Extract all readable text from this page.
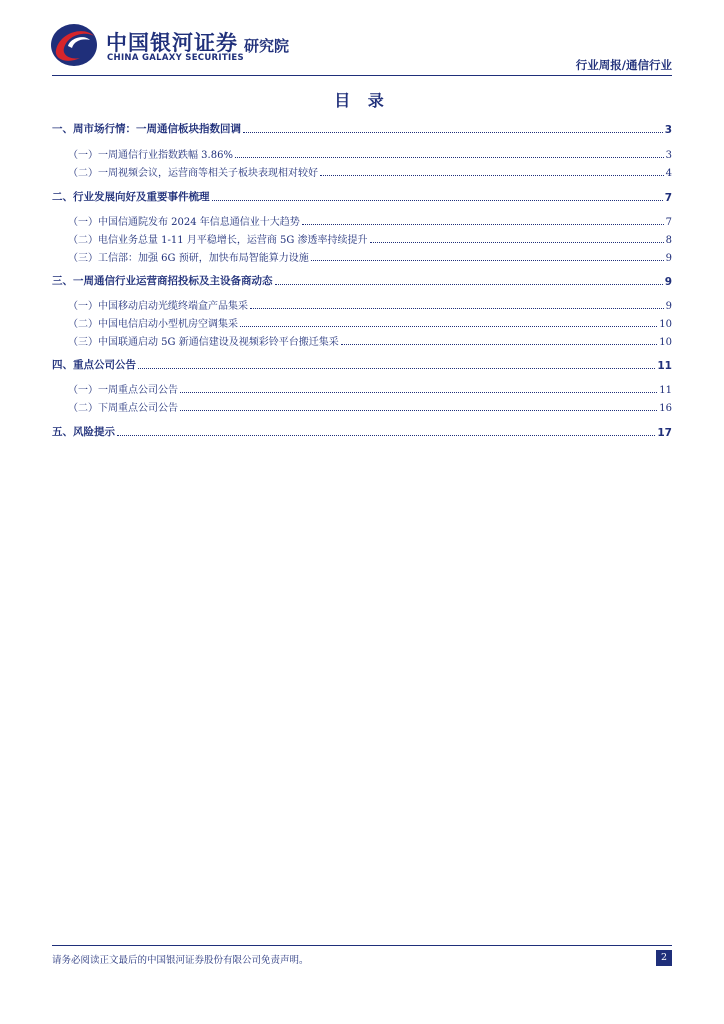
中国银河证券
CHINA GALAXY SECURITIES
研究院
行业周报/通信行业
目 录
一、周市场行情：一周通信板块指数回调	3
（一）一周通信行业指数跌幅 3.86%	3
（二）一周视频会议，运营商等相关子板块表现相对较好	4
二、行业发展向好及重要事件梳理	7
（一）中国信通院发布 2024 年信息通信业十大趋势	7
（二）电信业务总量 1-11 月平稳增长，运营商 5G 渗透率持续提升	8
（三）工信部：加强 6G 预研，加快布局智能算力设施	9
三、一周通信行业运营商招投标及主设备商动态	9
（一）中国移动启动光缆终端盒产品集采	9
（二）中国电信启动小型机房空调集采	10
（三）中国联通启动 5G 新通信建设及视频彩铃平台搬迁集采	10
四、重点公司公告	11
（一）一周重点公司公告	11
（二）下周重点公司公告	16
五、风险提示	17
请务必阅读正文最后的中国银河证券股份有限公司免责声明。	2
